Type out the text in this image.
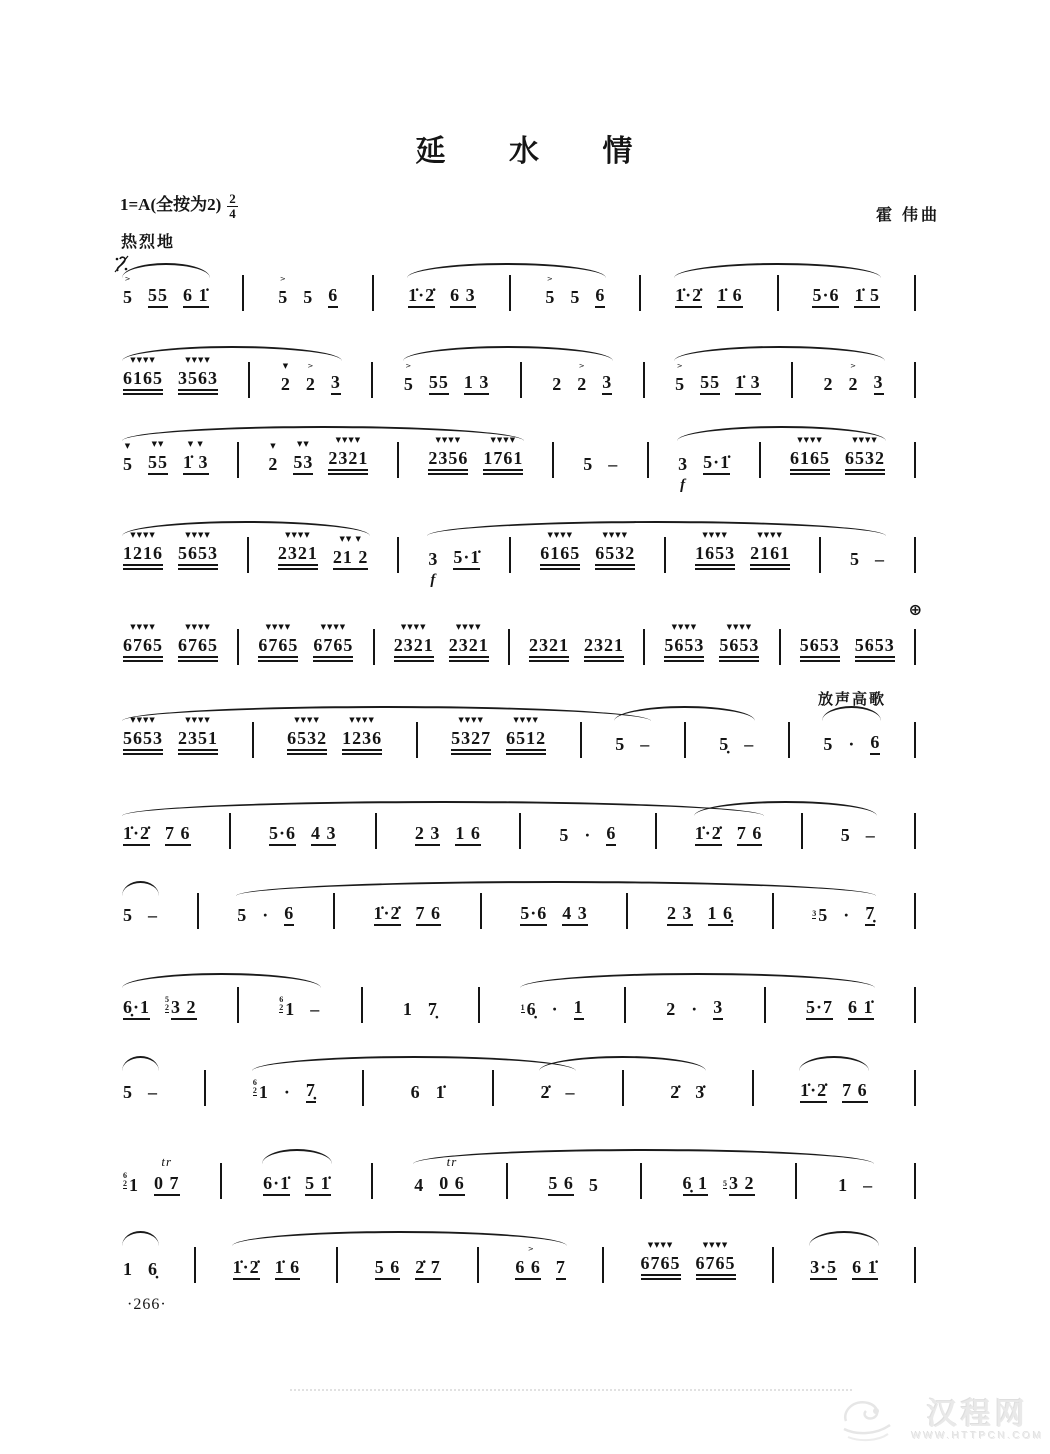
延 水 情
1=A(全按为$2) \frac{2}{4}$	霍 伟曲
热烈地
>
5 55 6 1̇
>
5 5 6	1̇·2̇ 6 3
>
5 5 6	1̇·2̇ 1̇ 6	5·6 1̇ 5
▼▼▼▼
6165
▼▼▼▼
3563
▼
2
>
2 3
>
5 55 1 3	2
>
2 3
>
5 55 1̇ 3	2
>
2 3
▼
5
▼▼
55
▼ ▼
1̇ 3
▼
2
▼▼
53
▼▼▼▼
2321
▼▼▼▼
2356
▼▼▼▼
1761	5 –	3
f
5·1̇
▼▼▼▼
6165
▼▼▼▼
6532
▼▼▼▼
1216
▼▼▼▼
5653
▼▼▼▼
2321
▼▼ ▼
21 2	3
f
5·1̇
▼▼▼▼
6165
▼▼▼▼
6532
▼▼▼▼
1653
▼▼▼▼
2161	5 –
▼▼▼▼
6765
▼▼▼▼
6765
▼▼▼▼
6765
▼▼▼▼
6765
▼▼▼▼
2321
▼▼▼▼
2321 2321 2321
▼▼▼▼
5653
▼▼▼▼
5653 5653 5653
⊕
▼▼▼▼
5653
▼▼▼▼
2351
▼▼▼▼
6532
▼▼▼▼
1236
▼▼▼▼
5327
▼▼▼▼
6512	5 –	5̣ –	5 · 6
放声高歌
1̇·2̇ 7 6	5·6 4 3	2 3 1 6	5 · 6	1̇·2̇ 7 6	5 –
5 –	5 · 6	1̇·2̇ 7 6	5·6 4 3	2 3 1 6̣	3 5 · 7̣
6̣·1 5
2 3 2	6
2 1 –	1 7̣	1 6̣ · 1	2 · 3	5·7 6 1̇
5 –	6
2 1 · 7̣	6 1̇	2̇ –	2̇ 3̇	1̇·2̇ 7 6
6
2 1
tr
0 7	6·1̇ 5 1̇	4
tr
0 6	5 6 5	6̣ 1 5 3 2	1 –
1 6̣	1̇·2̇ 1̇ 6	5 6 2̇ 7
>
6 6 7
▼▼▼▼
6765
▼▼▼▼
6765	3·5 6 1̇
·266·
汉程网
WWW.HTTPCN.COM
